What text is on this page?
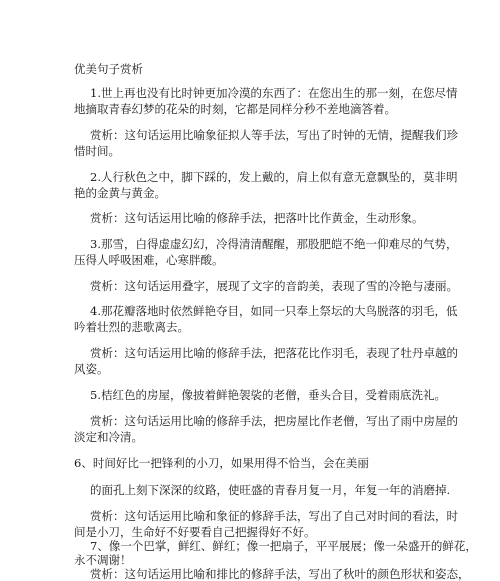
优美句子赏析
1.世上再也没有比时钟更加冷漠的东西了：在您出生的那一刻，在您尽情
地摘取青春幻梦的花朵的时刻，它都是同样分秒不差地滴答着。
赏析：这句话运用比喻象征拟人等手法，写出了时钟的无情，提醒我们珍
惜时间。
2.人行秋色之中，脚下踩的，发上戴的，肩上似有意无意飘坠的，莫非明
艳的金黄与黄金。
赏析：这句话运用比喻的修辞手法，把落叶比作黄金，生动形象。
3.那雪，白得虚虚幻幻，冷得清清醒醒，那股肥皑不绝一仰难尽的气势，
压得人呼吸困难，心寒胖酸。
赏析：这句话运用叠字，展现了文字的音韵美，表现了雪的冷艳与凄丽。
4.那花瓣落地时依然鲜艳夺目，如同一只奉上祭坛的大鸟脱落的羽毛，低
吟着壮烈的悲歌离去。
赏析：这句话运用比喻的修辞手法，把落花比作羽毛，表现了牡丹卓越的
风姿。
5.桔红色的房屋，像披着鲜艳袈裟的老僧，垂头合目，受着雨底洗礼。
赏析：这句话运用比喻的修辞手法，把房屋比作老僧，写出了雨中房屋的
淡定和冷清。
6、时间好比一把锋利的小刀，如果用得不恰当，会在美丽
的面孔上刻下深深的纹路，使旺盛的青春月复一月，年复一年的消磨掉.
赏析：这句话运用比喻和象征的修辞手法，写出了自己对时间的看法，时
间是小刀，生命好不好要看自己把握得好不好。
7、像一个巴掌，鲜红、鲜红；像一把扇子，平平展展；像一朵盛开的鲜花，
永不凋谢！
赏析：这句话运用比喻和排比的修辞手法，写出了秋叶的颜色形状和姿态，
